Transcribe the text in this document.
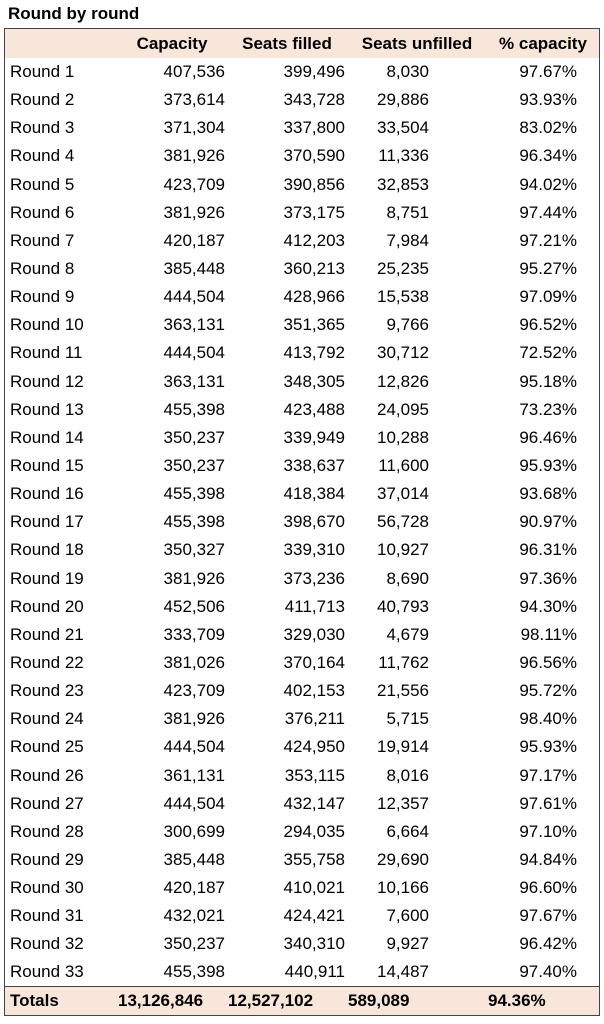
Round by round
	Capacity	Seats filled	Seats unfilled	% capacity
Round 1	407,536	399,496	8,030	97.67%
Round 2	373,614	343,728	29,886	93.93%
Round 3	371,304	337,800	33,504	83.02%
Round 4	381,926	370,590	11,336	96.34%
Round 5	423,709	390,856	32,853	94.02%
Round 6	381,926	373,175	8,751	97.44%
Round 7	420,187	412,203	7,984	97.21%
Round 8	385,448	360,213	25,235	95.27%
Round 9	444,504	428,966	15,538	97.09%
Round 10	363,131	351,365	9,766	96.52%
Round 11	444,504	413,792	30,712	72.52%
Round 12	363,131	348,305	12,826	95.18%
Round 13	455,398	423,488	24,095	73.23%
Round 14	350,237	339,949	10,288	96.46%
Round 15	350,237	338,637	11,600	95.93%
Round 16	455,398	418,384	37,014	93.68%
Round 17	455,398	398,670	56,728	90.97%
Round 18	350,327	339,310	10,927	96.31%
Round 19	381,926	373,236	8,690	97.36%
Round 20	452,506	411,713	40,793	94.30%
Round 21	333,709	329,030	4,679	98.11%
Round 22	381,026	370,164	11,762	96.56%
Round 23	423,709	402,153	21,556	95.72%
Round 24	381,926	376,211	5,715	98.40%
Round 25	444,504	424,950	19,914	95.93%
Round 26	361,131	353,115	8,016	97.17%
Round 27	444,504	432,147	12,357	97.61%
Round 28	300,699	294,035	6,664	97.10%
Round 29	385,448	355,758	29,690	94.84%
Round 30	420,187	410,021	10,166	96.60%
Round 31	432,021	424,421	7,600	97.67%
Round 32	350,237	340,310	9,927	96.42%
Round 33	455,398	440,911	14,487	97.40%
Totals	13,126,846	12,527,102	589,089	94.36%
